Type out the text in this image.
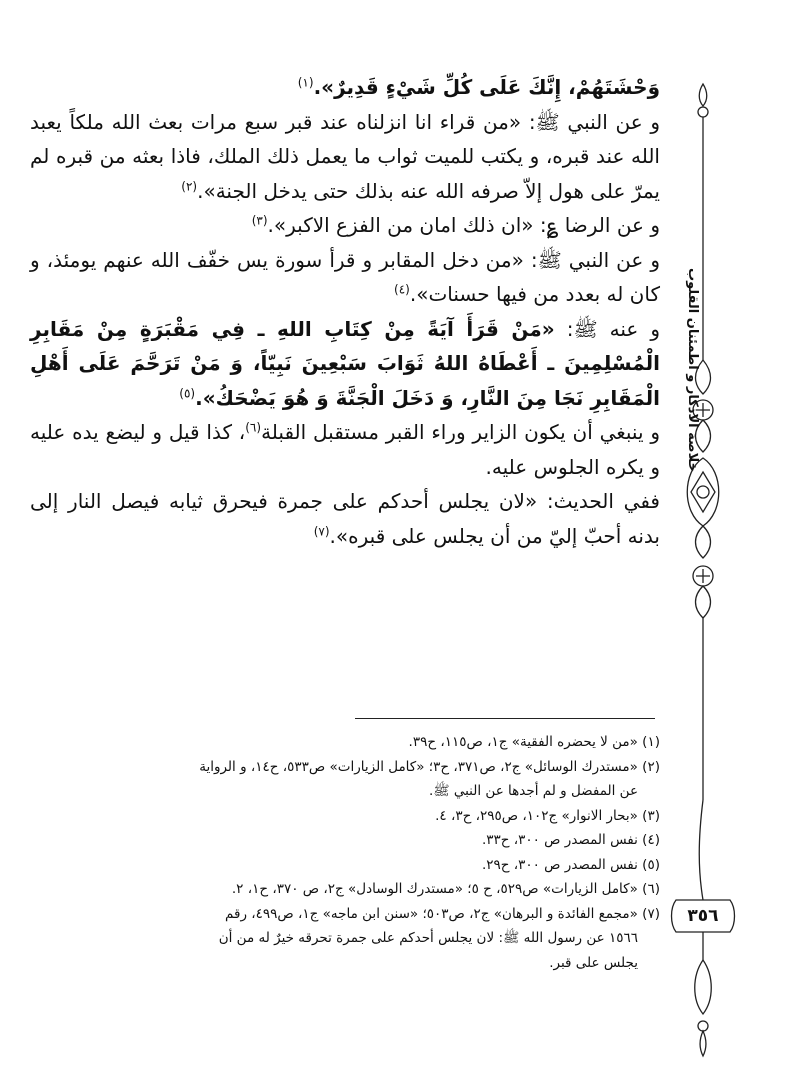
وَحْشَتَهُمْ، إِنَّكَ عَلَى كُلِّ شَيْءٍ قَدِيرٌ».$^{(١)}$

و عن النبي ﷺ: «من قراء انا انزلناه عند قبر سبع مرات بعث الله ملكاً يعبد الله عند قبره، و يكتب للميت ثواب ما يعمل ذلك الملك، فاذا بعثه من قبره لم يمرّ على هول إلاّ صرفه الله عنه بذلك حتى يدخل الجنة».$^{(٢)}$

و عن الرضا ؏: «ان ذلك امان من الفزع الاكبر».$^{(٣)}$

و عن النبي ﷺ: «من دخل المقابر و قرأ سورة يس خفّف الله عنهم يومئذ، و كان له بعدد من فيها حسنات».$^{(٤)}$

و عنه ﷺ: «مَنْ قَرَأَ آيَةً مِنْ كِتَابِ اللهِ ـ فِي مَقْبَرَةٍ مِنْ مَقَابِرِ الْمُسْلِمِينَ ـ أَعْطَاهُ اللهُ ثَوَابَ سَبْعِينَ نَبِيّاً، وَ مَنْ تَرَحَّمَ عَلَى أَهْلِ الْمَقَابِرِ نَجَا مِنَ النَّارِ، وَ دَخَلَ الْجَنَّةَ وَ هُوَ يَضْحَكُ».$^{(٥)}$

و ينبغي أن يكون الزاير وراء القبر مستقبل القبلة$^{(٦)}$، كذا قيل و ليضع يده عليه و يكره الجلوس عليه.

ففي الحديث: «لان يجلس أحدكم على جمرة فيحرق ثيابه فيصل النار إلى بدنه أحبّ إليّ من أن يجلس على قبره».$^{(٧)}$

(١) «من لا يحضره الفقية» ج١، ص١١٥، ح٣٩.

(٢) «مستدرك الوسائل» ج٢، ص٣٧١، ح٣؛ «كامل الزيارات» ص٥٣٣، ح١٤، و الرواية

عن المفضل و لم أجدها عن النبي ﷺ.

(٣) «بحار الانوار» ج١٠٢، ص٢٩٥، ح٣، ٤.

(٤) نفس المصدر ص ٣٠٠، ح٣٣.

(٥) نفس المصدر ص ٣٠٠، ح٢٩.

(٦) «كامل الزيارات» ص٥٢٩، ح ٥؛ «مستدرك الوسادل» ج٢، ص ٣٧٠، ح١، ٢.

(٧) «مجمع الفائدة و البرهان» ج٢، ص٥٠٣؛ «سنن ابن ماجه» ج١، ص٤٩٩، رقم

١٥٦٦ عن رسول الله ﷺ: لان يجلس أحدكم على جمرة تحرقه خيرٌ له من أن

يجلس على قبر.

خلاصة الاذكار و اطمئنان القلوب
٣٥٦
